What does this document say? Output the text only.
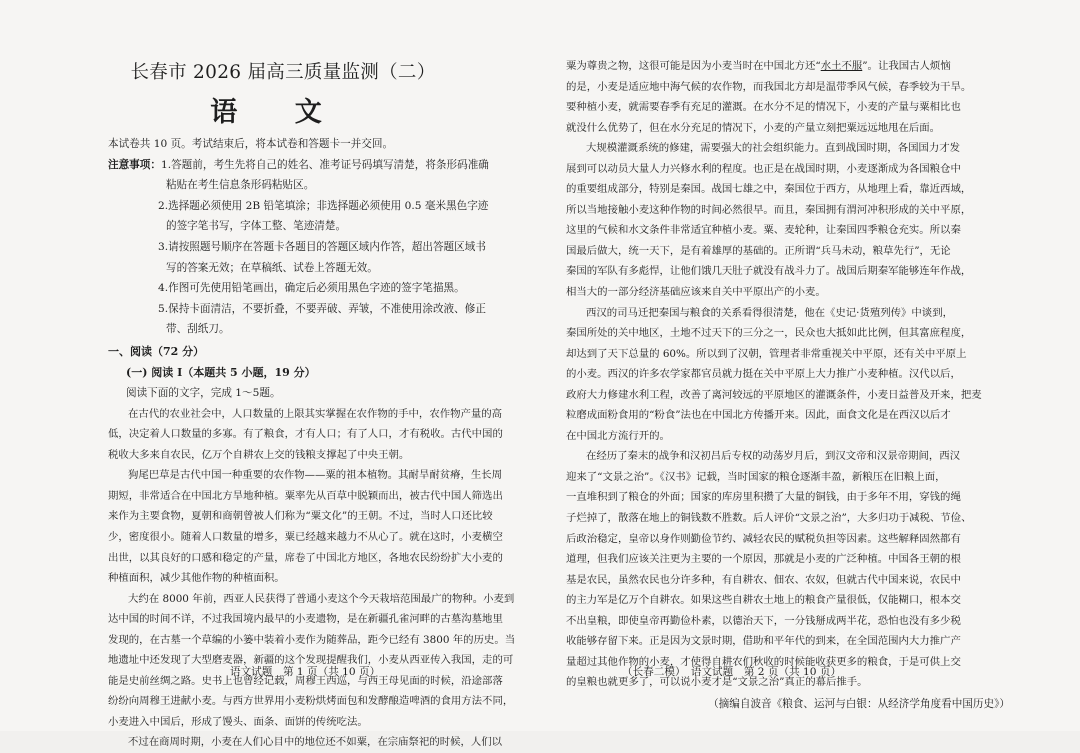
长春市 2026 届高三质量监测（二）
语 文
本试卷共 10 页。考试结束后，将本试卷和答题卡一并交回。
注意事项：1.答题前，考生先将自己的姓名、准考证号码填写清楚，将条形码准确
粘贴在考生信息条形码粘贴区。
2.选择题必须使用 2B 铅笔填涂；非选择题必须使用 0.5 毫米黑色字迹
的签字笔书写，字体工整、笔迹清楚。
3.请按照题号顺序在答题卡各题目的答题区域内作答，超出答题区域书
写的答案无效；在草稿纸、试卷上答题无效。
4.作图可先使用铅笔画出，确定后必须用黑色字迹的签字笔描黑。
5.保持卡面清洁，不要折叠，不要弄破、弄皱，不准使用涂改液、修正
带、刮纸刀。
一、阅读（72 分）
(一) 阅读 I（本题共 5 小题，19 分）
阅读下面的文字，完成 1～5题。
在古代的农业社会中，人口数量的上限其实掌握在农作物的手中，农作物产量的高
低，决定着人口数量的多寡。有了粮食，才有人口；有了人口，才有税收。古代中国的
税收大多来自农民，亿万个自耕农上交的钱粮支撑起了中央王朝。
狗尾巴草是古代中国一种重要的农作物——粟的祖本植物。其耐旱耐贫瘠，生长周
期短，非常适合在中国北方旱地种植。粟率先从百草中脱颖而出，被古代中国人筛选出
来作为主要食物，夏朝和商朝曾被人们称为“粟文化”的王朝。不过，当时人口还比较
少，密度很小。随着人口数量的增多，粟已经越来越力不从心了。就在这时，小麦横空
出世，以其良好的口感和稳定的产量，席卷了中国北方地区，各地农民纷纷扩大小麦的
种植面积，减少其他作物的种植面积。
大约在 8000 年前，西亚人民获得了普通小麦这个今天栽培范围最广的物种。小麦到
达中国的时间不详，不过我国境内最早的小麦遗物，是在新疆孔雀河畔的古墓沟墓地里
发现的，在古墓一个草编的小篓中装着小麦作为随葬品，距今已经有 3800 年的历史。当
地遗址中还发现了大型磨麦器，新疆的这个发现提醒我们，小麦从西亚传入我国，走的可
能是史前丝绸之路。史书上也曾经记载，周穆王西巡，与西王母见面的时候，沿途部落
纷纷向周穆王进献小麦。与西方世界用小麦粉烘烤面包和发酵酿造啤酒的食用方法不同，
小麦进入中国后，形成了馒头、面条、面饼的传统吃法。
不过在商周时期，小麦在人们心目中的地位还不如粟，在宗庙祭祀的时候，人们以
语文试题　第 1 页（共 10 页）
粟为尊贵之物，这很可能是因为小麦当时在中国北方还“水土不服”。让我国古人烦恼
的是，小麦是适应地中海气候的农作物，而我国北方却是温带季风气候，春季较为干旱。
要种植小麦，就需要春季有充足的灌溉。在水分不足的情况下，小麦的产量与粟相比也
就没什么优势了，但在水分充足的情况下，小麦的产量立刻把粟远远地甩在后面。
大规模灌溉系统的修建，需要强大的社会组织能力。直到战国时期，各国国力才发
展到可以动员大量人力兴修水利的程度。也正是在战国时期，小麦逐渐成为各国粮仓中
的重要组成部分，特别是秦国。战国七雄之中，秦国位于西方，从地理上看，靠近西域，
所以当地接触小麦这种作物的时间必然很早。而且，秦国拥有渭河冲积形成的关中平原，
这里的气候和水文条件非常适宜种植小麦。粟、麦轮种，让秦国四季粮仓充实。所以秦
国最后做大，统一天下，是有着雄厚的基础的。正所谓“兵马未动，粮草先行”，无论
秦国的军队有多彪悍，让他们饿几天肚子就没有战斗力了。战国后期秦军能够连年作战，
相当大的一部分经济基础应该来自关中平原出产的小麦。
西汉的司马迁把秦国与粮食的关系看得很清楚，他在《史记·货殖列传》中谈到，
秦国所处的关中地区，土地不过天下的三分之一，民众也大抵如此比例，但其富庶程度，
却达到了天下总量的 60%。所以到了汉朝，管理者非常重视关中平原，还有关中平原上
的小麦。西汉的许多农学家都官员就力挺在关中平原上大力推广小麦种植。汉代以后，
政府大力修建水利工程，改善了离河较远的平原地区的灌溉条件，小麦日益普及开来，把麦
粒磨成面粉食用的“粉食”法也在中国北方传播开来。因此，面食文化是在西汉以后才
在中国北方流行开的。
在经历了秦末的战争和汉初吕后专权的动荡岁月后，到汉文帝和汉景帝期间，西汉
迎来了“文景之治”。《汉书》记载，当时国家的粮仓逐渐丰盈，新粮压在旧粮上面，
一直堆积到了粮仓的外面；国家的库房里积攒了大量的铜钱，由于多年不用，穿钱的绳
子烂掉了，散落在地上的铜钱数不胜数。后人评价“文景之治”，大多归功于减税、节俭、
后政治稳定，皇帝以身作则勤俭节约、减轻农民的赋税负担等因素。这些解释固然都有
道理，但我们应该关注更为主要的一个原因，那就是小麦的广泛种植。中国各王朝的根
基是农民，虽然农民也分许多种，有自耕农、佃农、农奴，但就古代中国来说，农民中
的主力军是亿万个自耕农。如果这些自耕农土地上的粮食产量很低，仅能糊口，根本交
不出皇粮，即使皇帝再勤俭朴素，以德治天下，一分钱掰成两半花，恐怕也没有多少税
收能够存留下来。正是因为文景时期，借助和平年代的到来，在全国范围内大力推广产
量超过其他作物的小麦，才使得自耕农们秋收的时候能收获更多的粮食，于是可供上交
的皇粮也就更多了，可以说小麦才是“文景之治”真正的幕后推手。
（摘编自波音《粮食、运河与白银：从经济学角度看中国历史》）
（长春二模）　语文试题　第 2 页（共 10 页）
